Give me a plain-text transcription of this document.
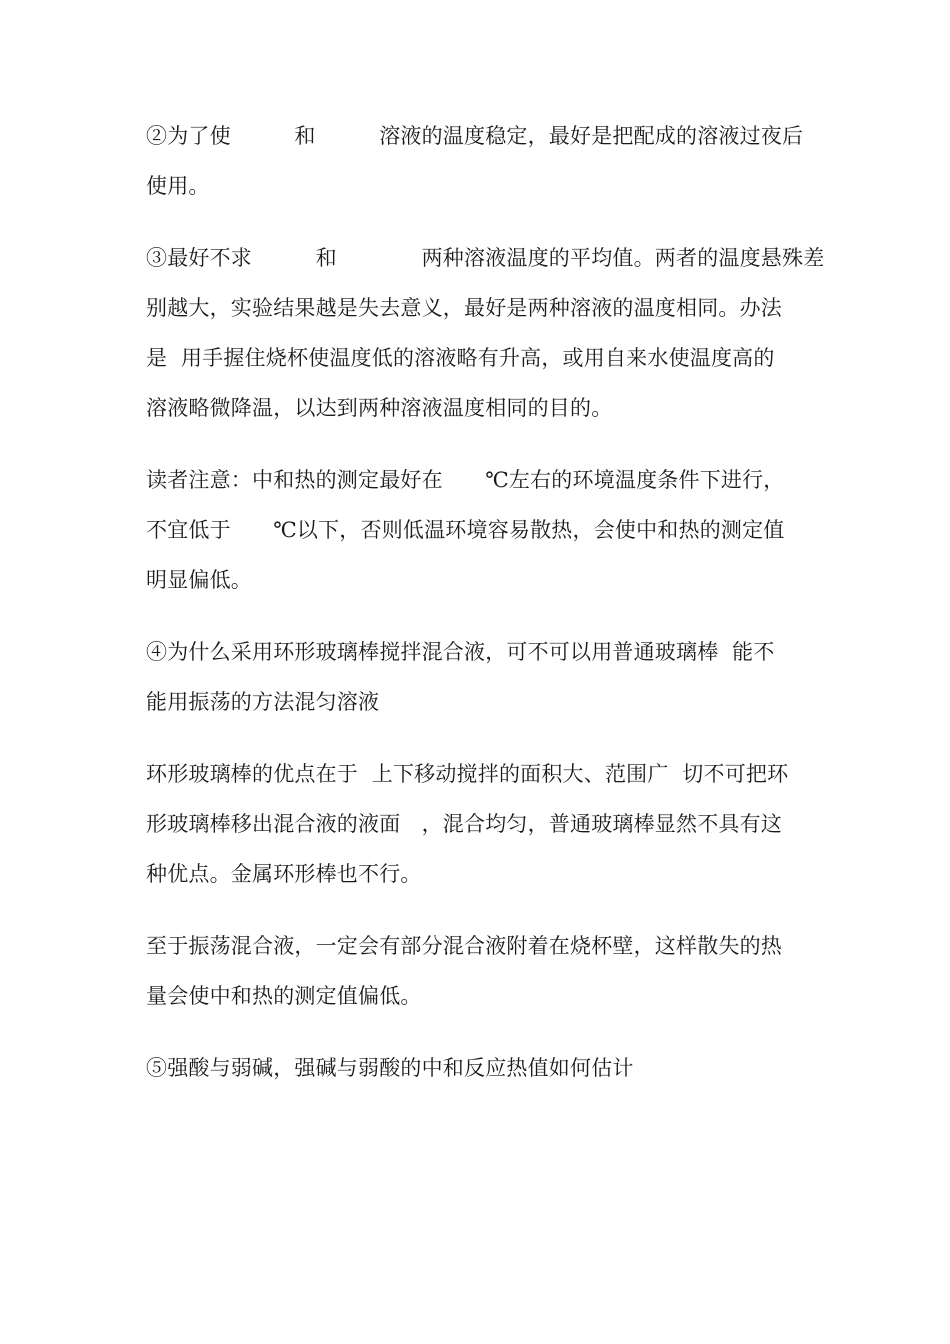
②为了使　　　和　　　溶液的温度稳定，最好是把配成的溶液过夜后
使用。
③最好不求　　　和　　　　两种溶液温度的平均值。两者的温度悬殊差
别越大，实验结果越是失去意义，最好是两种溶液的温度相同。办法
是  用手握住烧杯使温度低的溶液略有升高，或用自来水使温度高的
溶液略微降温，以达到两种溶液温度相同的目的。
读者注意：中和热的测定最好在　　℃左右的环境温度条件下进行，
不宜低于　　℃以下，否则低温环境容易散热，会使中和热的测定值
明显偏低。
④为什么采用环形玻璃棒搅拌混合液，可不可以用普通玻璃棒  能不
能用振荡的方法混匀溶液
环形玻璃棒的优点在于  上下移动搅拌的面积大、范围广  切不可把环
形玻璃棒移出混合液的液面　，混合均匀，普通玻璃棒显然不具有这
种优点。金属环形棒也不行。
至于振荡混合液，一定会有部分混合液附着在烧杯壁，这样散失的热
量会使中和热的测定值偏低。
⑤强酸与弱碱，强碱与弱酸的中和反应热值如何估计
